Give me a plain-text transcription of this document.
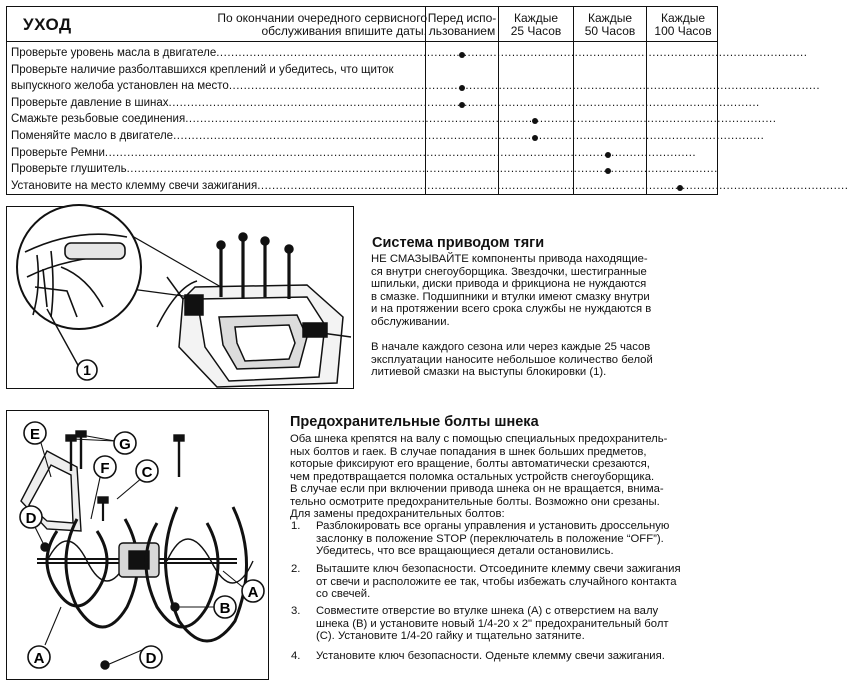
УХОД	По окончании очередного сервисного обслуживания впишите даты.
Перед испо-
льзованием
Каждые
25 Часов
Каждые
50 Часов
Каждые
100 Часов
Проверьте уровень масла в двигателе................................................................................................................................................................
Проверьте наличие разболтавшихся креплений и убедитесь, что щиток
выпускного желоба установлен на место................................................................................................................................................................
Проверьте давление в шинах................................................................................................................................................................
Смажьте резьбовые соединения................................................................................................................................................................
Поменяйте масло в двигателе................................................................................................................................................................
Проверьте Ремни................................................................................................................................................................
Проверьте глушитель................................................................................................................................................................
Установите на место клемму свечи зажигания................................................................................................................................................................
1
Система приводом тяги
НЕ СМАЗЫВАЙТЕ компоненты привода находящие-
ся внутри снегоуборщика. Звездочки, шестигранные
шпильки, диски привода и фрикциона не нуждаются
в смазке. Подшипники и втулки имеют смазку внутри
и на протяжении всего срока службы не нуждаются в
обслуживании.
В начале каждого сезона или через каждые 25 часов
эксплуатации наносите небольшое количество белой
литиевой смазки на выступы блокировки (1).
E
G
F C
D
A
B
A	D
Предохранительные болты шнека
Оба шнека крепятся на валу с помощью специальных предохранитель-
ных болтов и гаек. В случае попадания в шнек больших предметов,
которые фиксируют его вращение, болты автоматически срезаются,
чем предотвращается поломка остальных устройств снегоуборщика.
В случае если при включении привода шнека он не вращается, внима-
тельно осмотрите предохранительные болты. Возможно они срезаны.
Для замены предохранительных болтов:
1. Разблокировать все органы управления и установить дроссельную
заслонку в положение STOP (переключатель в положение “OFF”).
Убедитесь, что все вращающиеся детали остановились.
2. Выташите ключ безопасности. Отсоедините клемму свечи зажигания
от свечи и расположите ее так, чтобы избежать случайного контакта
со свечей.
3. Совместите отверстие во втулке шнека (A) с отверстием на валу
шнека (B) и установите новый 1/4-20 x 2" предохранительный болт
(C). Установите 1/4-20 гайку и тщательно затяните.
4. Установите ключ безопасности. Оденьте клемму свечи зажигания.
